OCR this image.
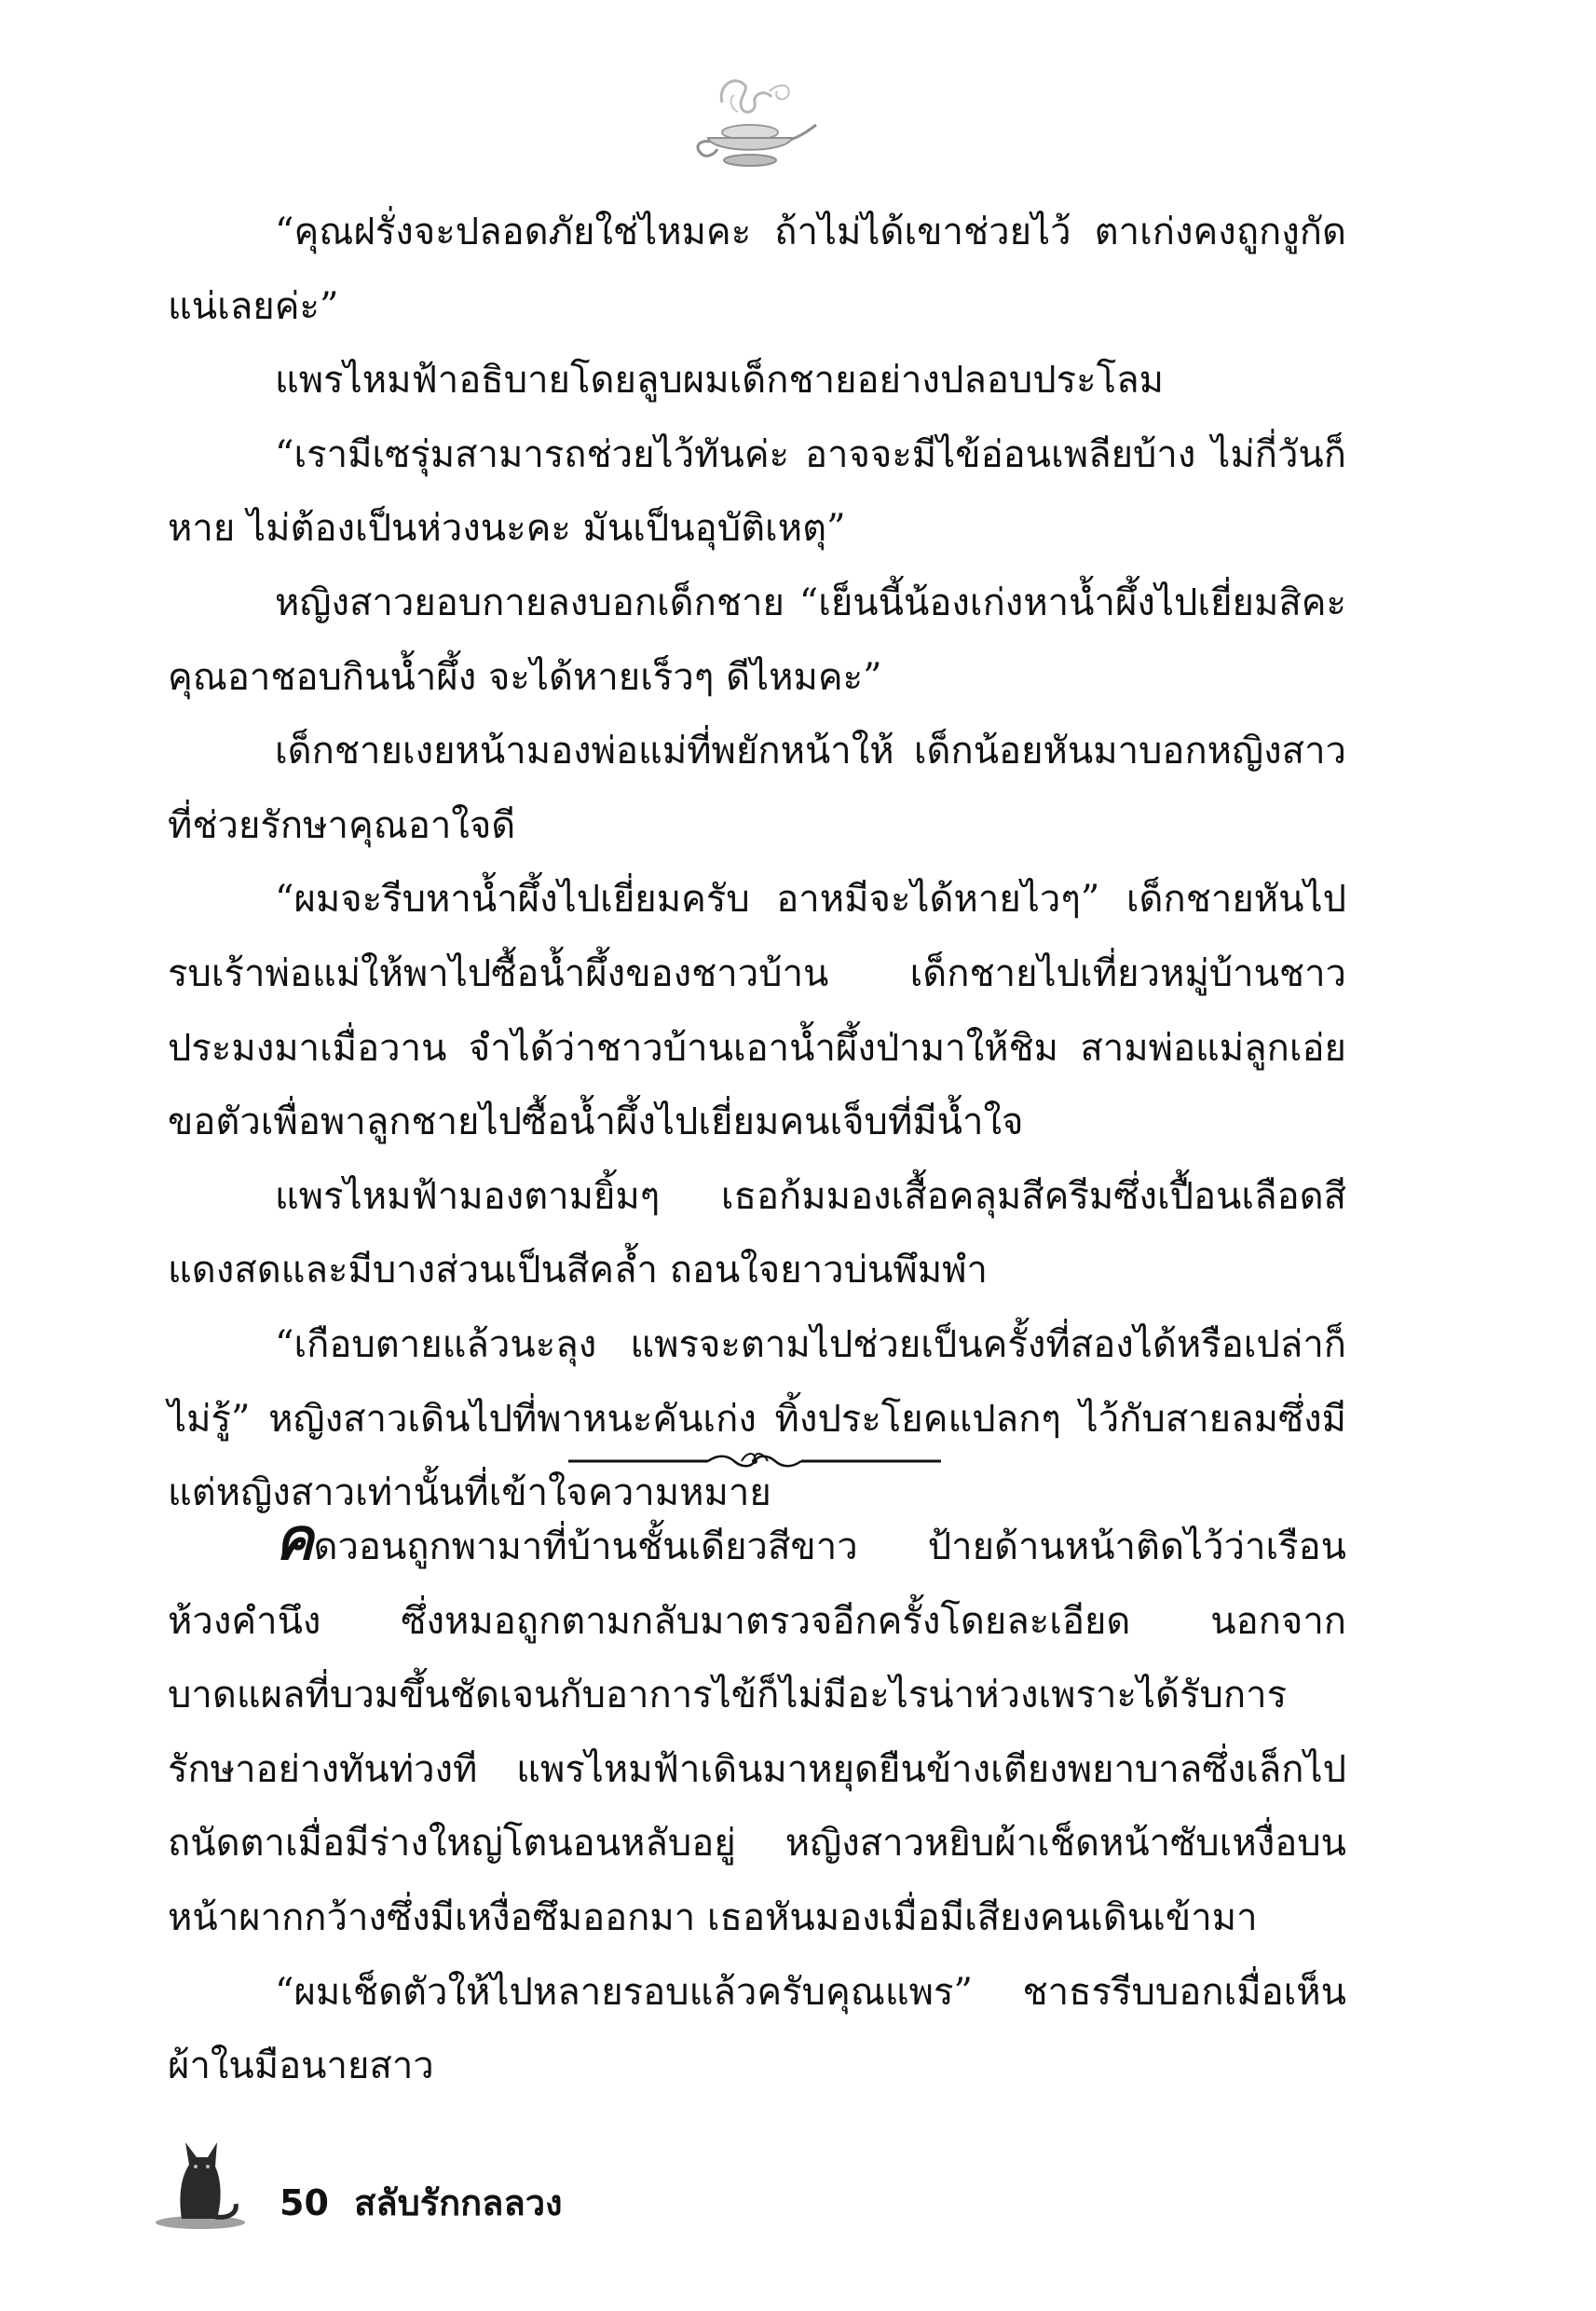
“คุณฝรั่งจะปลอดภัยใช่ไหมคะ ถ้าไม่ได้เขาช่วยไว้ ตาเก่งคงถูกงูกัดแน่เลยค่ะ”

แพรไหมฟ้าอธิบายโดยลูบผมเด็กชายอย่างปลอบประโลม

“เรามีเซรุ่มสามารถช่วยไว้ทันค่ะ อาจจะมีไข้อ่อนเพลียบ้าง ไม่กี่วันก็หาย ไม่ต้องเป็นห่วงนะคะ มันเป็นอุบัติเหตุ”

หญิงสาวยอบกายลงบอกเด็กชาย “เย็นนี้น้องเก่งหาน้ำผึ้งไปเยี่ยมสิคะ คุณอาชอบกินน้ำผึ้ง จะได้หายเร็วๆ ดีไหมคะ”

เด็กชายเงยหน้ามองพ่อแม่ที่พยักหน้าให้ เด็กน้อยหันมาบอกหญิงสาวที่ช่วยรักษาคุณอาใจดี

“ผมจะรีบหาน้ำผึ้งไปเยี่ยมครับ อาหมีจะได้หายไวๆ” เด็กชายหันไปรบเร้าพ่อแม่ให้พาไปซื้อน้ำผึ้งของชาวบ้าน เด็กชายไปเที่ยวหมู่บ้านชาวประมงมาเมื่อวาน จำได้ว่าชาวบ้านเอาน้ำผึ้งป่ามาให้ชิม สามพ่อแม่ลูกเอ่ยขอตัวเพื่อพาลูกชายไปซื้อน้ำผึ้งไปเยี่ยมคนเจ็บที่มีน้ำใจ

แพรไหมฟ้ามองตามยิ้มๆ เธอก้มมองเสื้อคลุมสีครีมซึ่งเปื้อนเลือดสีแดงสดและมีบางส่วนเป็นสีคล้ำ ถอนใจยาวบ่นพึมพำ

“เกือบตายแล้วนะลุง แพรจะตามไปช่วยเป็นครั้งที่สองได้หรือเปล่าก็ไม่รู้” หญิงสาวเดินไปที่พาหนะคันเก่ง ทิ้งประโยคแปลกๆ ไว้กับสายลมซึ่งมีแต่หญิงสาวเท่านั้นที่เข้าใจความหมาย

คดวอนถูกพามาที่บ้านชั้นเดียวสีขาว ป้ายด้านหน้าติดไว้ว่าเรือนห้วงคำนึง ซึ่งหมอถูกตามกลับมาตรวจอีกครั้งโดยละเอียด นอกจากบาดแผลที่บวมขึ้นชัดเจนกับอาการไข้ก็ไม่มีอะไรน่าห่วงเพราะได้รับการรักษาอย่างทันท่วงที แพรไหมฟ้าเดินมาหยุดยืนข้างเตียงพยาบาลซึ่งเล็กไปถนัดตาเมื่อมีร่างใหญ่โตนอนหลับอยู่ หญิงสาวหยิบผ้าเช็ดหน้าซับเหงื่อบนหน้าผากกว้างซึ่งมีเหงื่อซึมออกมา เธอหันมองเมื่อมีเสียงคนเดินเข้ามา

“ผมเช็ดตัวให้ไปหลายรอบแล้วครับคุณแพร” ชาธรรีบบอกเมื่อเห็นผ้าในมือนายสาว

50 สลับรักกลลวง
